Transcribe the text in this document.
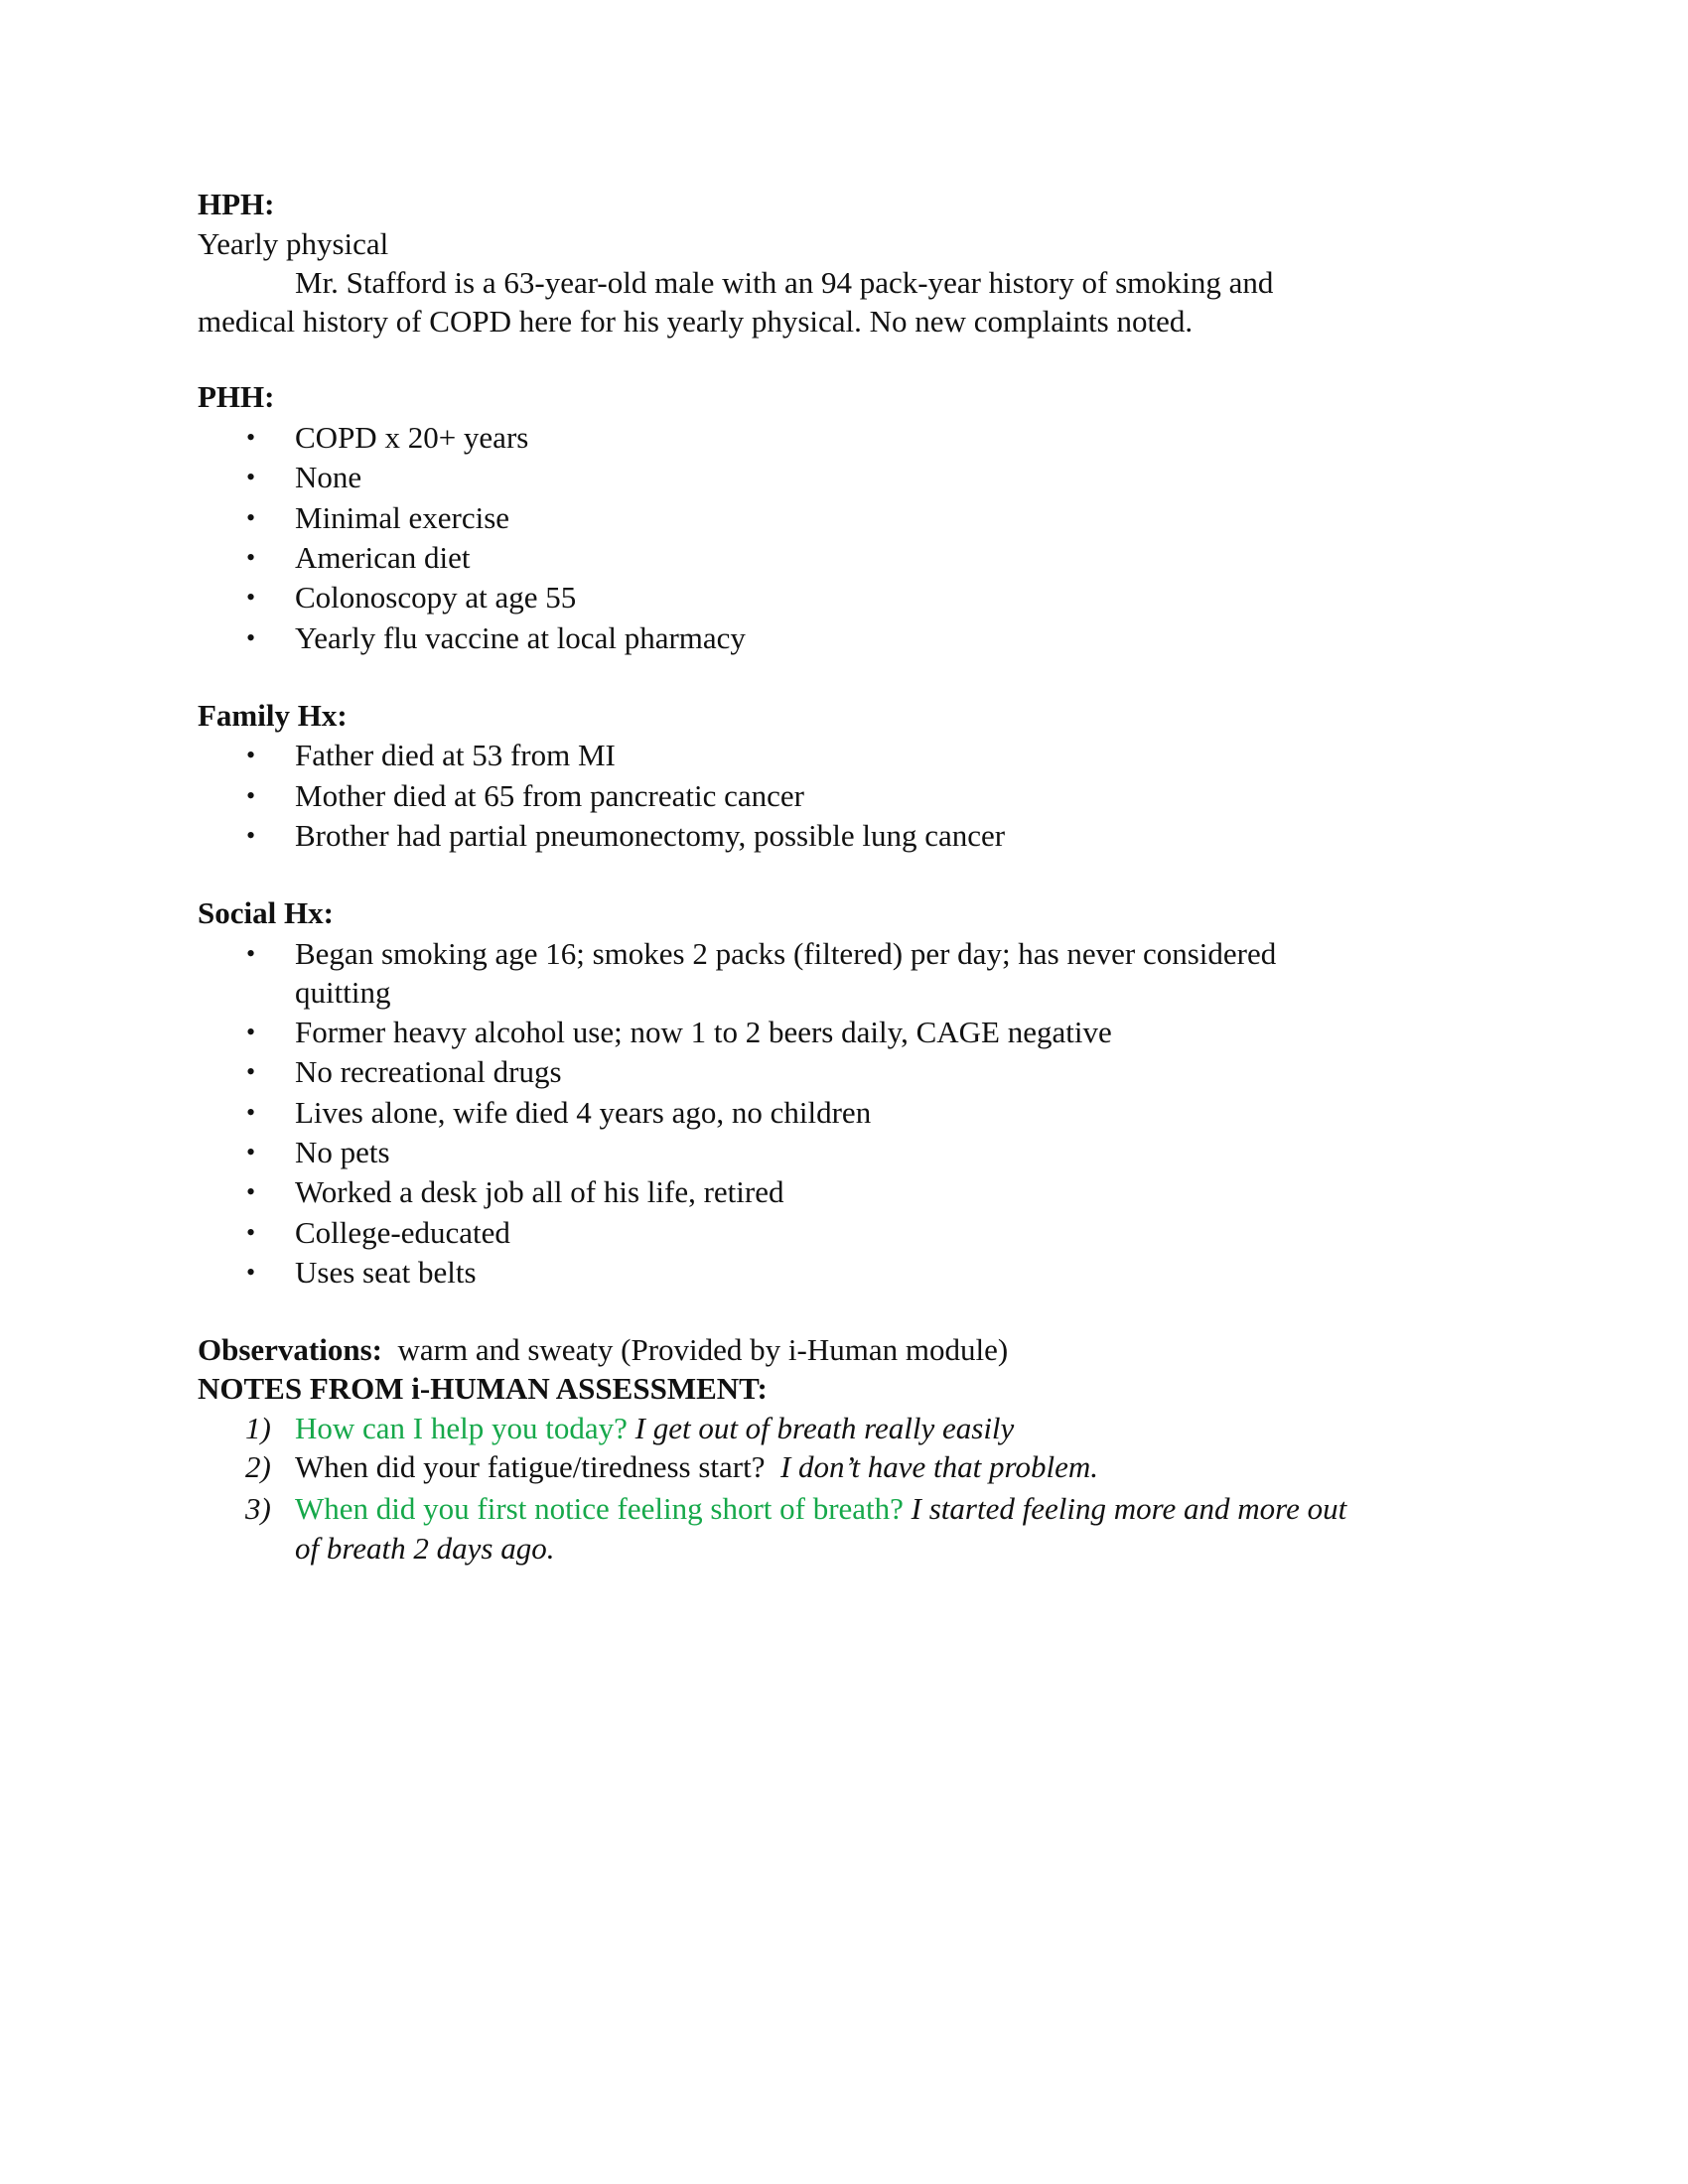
HPH:
Yearly physical
Mr. Stafford is a 63-year-old male with an 94 pack-year history of smoking and
medical history of COPD here for his yearly physical. No new complaints noted.
PHH:
• COPD x 20+ years
• None
• Minimal exercise
• American diet
• Colonoscopy at age 55
• Yearly flu vaccine at local pharmacy
Family Hx:
• Father died at 53 from MI
• Mother died at 65 from pancreatic cancer
• Brother had partial pneumonectomy, possible lung cancer
Social Hx:
• Began smoking age 16; smokes 2 packs (filtered) per day; has never considered
quitting
• Former heavy alcohol use; now 1 to 2 beers daily, CAGE negative
• No recreational drugs
• Lives alone, wife died 4 years ago, no children
• No pets
• Worked a desk job all of his life, retired
• College-educated
• Uses seat belts
Observations: warm and sweaty (Provided by i-Human module)
NOTES FROM i-HUMAN ASSESSMENT:
1) How can I help you today? I get out of breath really easily
2) When did your fatigue/tiredness start? I don’t have that problem.
3) When did you first notice feeling short of breath? I started feeling more and more out
of breath 2 days ago.
